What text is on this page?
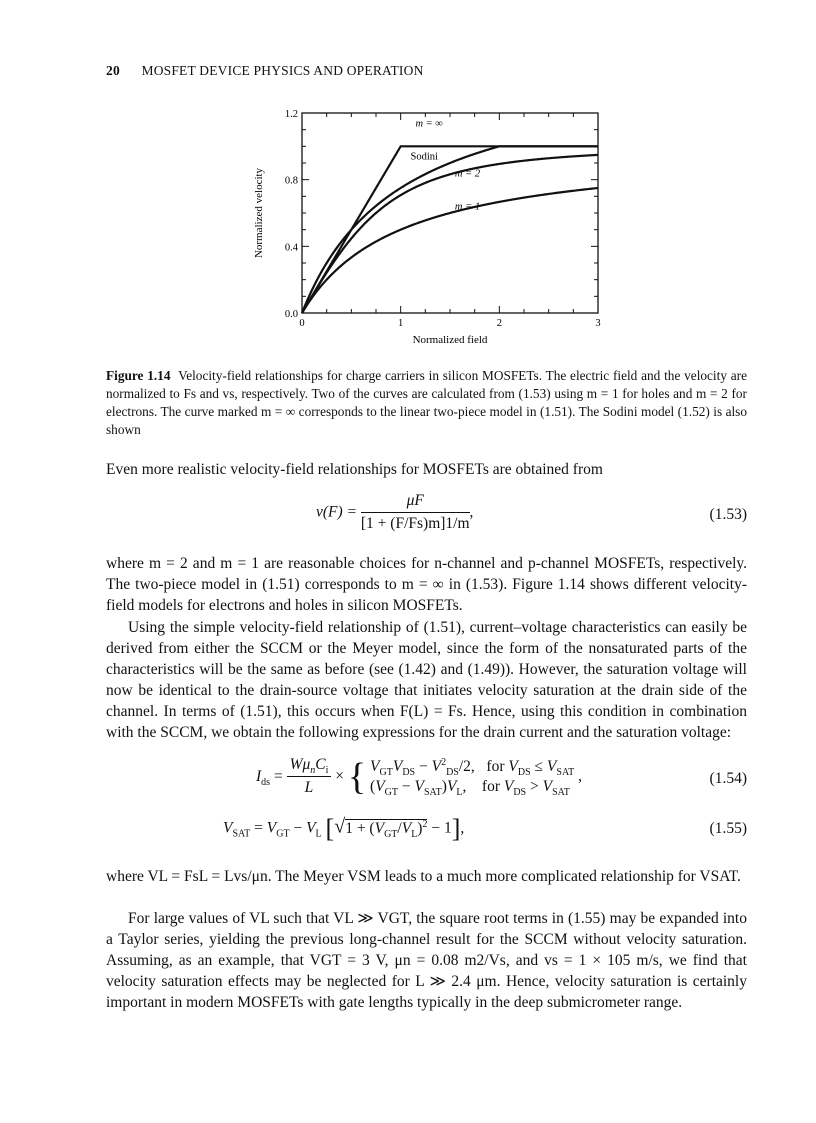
20 MOSFET DEVICE PHYSICS AND OPERATION
0	1	2	3
0.0
0.4
0.8
1.2
Normalized field
Normalized velocity
m = ∞
Sodini
m = 2
m = 1
Figure 1.14 Velocity-field relationships for charge carriers in silicon MOSFETs. The electric field and the velocity are normalized to Fs and vs, respectively. Two of the curves are calculated from (1.53) using m = 1 for holes and m = 2 for electrons. The curve marked m = ∞ corresponds to the linear two-piece model in (1.51). The Sodini model (1.52) is also shown
Even more realistic velocity-field relationships for MOSFETs are obtained from
$v(F) = \frac{\mu F}{[1 + (F/Fs)m]1/m}$ ,	(1.53)
where m = 2 and m = 1 are reasonable choices for n-channel and p-channel MOSFETs, respectively. The two-piece model in (1.51) corresponds to m = ∞ in (1.53). Figure 1.14 shows different velocity-field models for electrons and holes in silicon MOSFETs.
Using the simple velocity-field relationship of (1.51), current–voltage characteristics can easily be derived from either the SCCM or the Meyer model, since the form of the nonsaturated parts of the characteristics will be the same as before (see (1.42) and (1.49)). However, the saturation voltage will now be identical to the drain-source voltage that initiates velocity saturation at the drain side of the channel. In terms of (1.51), this occurs when F(L) = Fs. Hence, using this condition in combination with the SCCM, we obtain the following expressions for the drain current and the saturation voltage:
$I_{ds} = \frac{W\mu_nC_i}{L}$ × { $V_{GT}V_{DS} - V^2_{DS}/2$,   for $V_{DS} \le V_{SAT}$
$(V_{GT} - V_{SAT})V_L$,    for $V_{DS} > V_{SAT}$ ,	(1.54)
$V_{SAT} = V_{GT} - V_L$ $[√1 + (V_{GT}/V_L)^2 - 1]$,	(1.55)
where VL = FsL = Lvs/μn. The Meyer VSM leads to a much more complicated relationship for VSAT.
For large values of VL such that VL ≫ VGT, the square root terms in (1.55) may be expanded into a Taylor series, yielding the previous long-channel result for the SCCM without velocity saturation. Assuming, as an example, that VGT = 3 V, μn = 0.08 m2/Vs, and vs = 1 × 105 m/s, we find that velocity saturation effects may be neglected for L ≫ 2.4 μm. Hence, velocity saturation is certainly important in modern MOSFETs with gate lengths typically in the deep submicrometer range.
